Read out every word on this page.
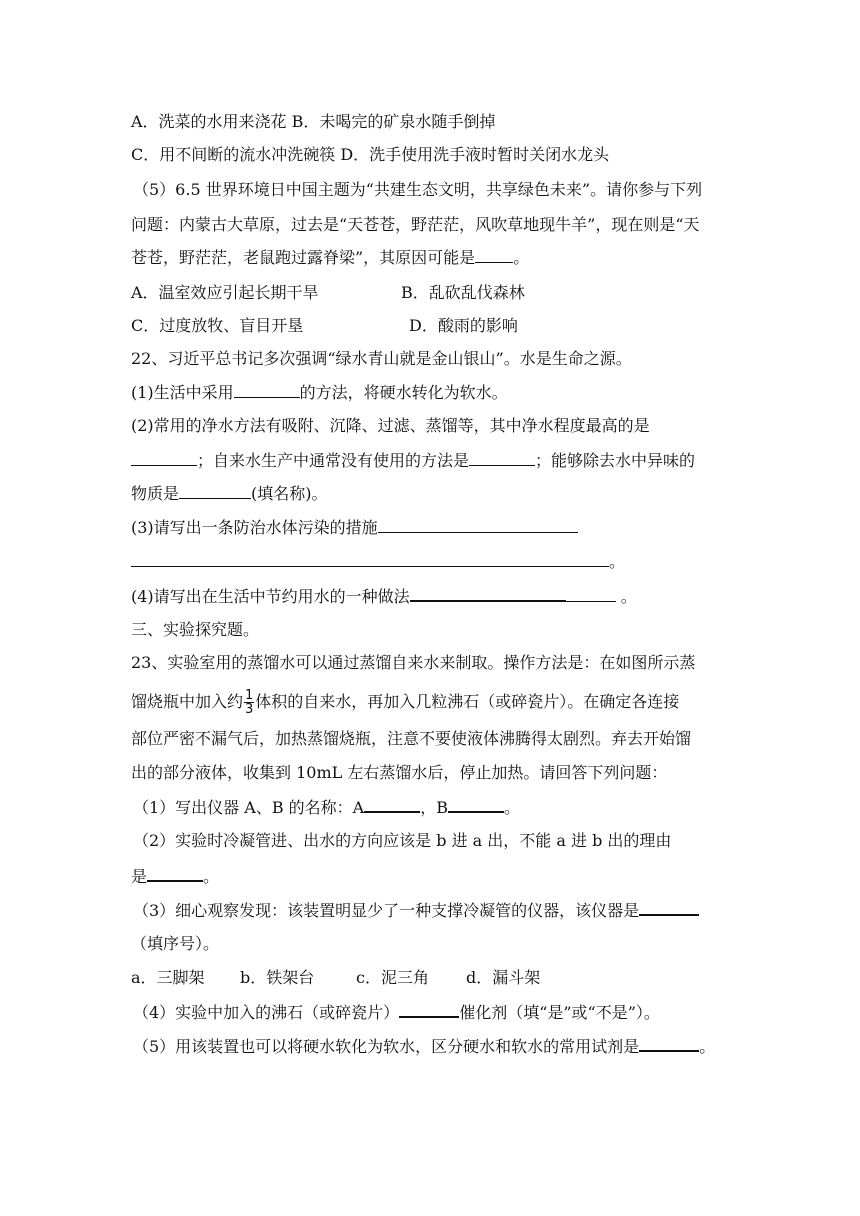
A．洗菜的水用来浇花 B．未喝完的矿泉水随手倒掉
C．用不间断的流水冲洗碗筷 D．洗手使用洗手液时暂时关闭水龙头
（5）6.5 世界环境日中国主题为“共建生态文明，共享绿色未来”。请你参与下列
问题：内蒙古大草原，过去是“天苍苍，野茫茫，风吹草地现牛羊”，现在则是“天
苍苍，野茫茫，老鼠跑过露脊梁”，其原因可能是 。
A．温室效应引起长期干旱	B．乱砍乱伐森林
C．过度放牧、盲目开垦	D．酸雨的影响
22、习近平总书记多次强调“绿水青山就是金山银山”。水是生命之源。
(1)生活中采用	的方法，将硬水转化为软水。
(2)常用的净水方法有吸附、沉降、过滤、蒸馏等，其中净水程度最高的是
；自来水生产中通常没有使用的方法是	；能够除去水中异味的
物质是	(填名称)。
(3)请写出一条防治水体污染的措施
。
(4)请写出在生活中节约用水的一种做法	。
三、实验探究题。
23、实验室用的蒸馏水可以通过蒸馏自来水来制取。操作方法是：在如图所示蒸
馏烧瓶中加入约 $\frac{1}{3}$ 体积的自来水，再加入几粒沸石（或碎瓷片）。在确定各连接
部位严密不漏气后，加热蒸馏烧瓶，注意不要使液体沸腾得太剧烈。弃去开始馏
出的部分液体，收集到 10mL 左右蒸馏水后，停止加热。请回答下列问题：
（1）写出仪器 A、B 的名称：A	，B	。
（2）实验时冷凝管进、出水的方向应该是 b 进 a 出，不能 a 进 b 出的理由
是	。
（3）细心观察发现：该装置明显少了一种支撑冷凝管的仪器，该仪器是
（填序号）。
a．三脚架 b．铁架台	c．泥三角 d．漏斗架
（4）实验中加入的沸石（或碎瓷片）	催化剂（填“是”或“不是”）。
（5）用该装置也可以将硬水软化为软水，区分硬水和软水的常用试剂是	。
